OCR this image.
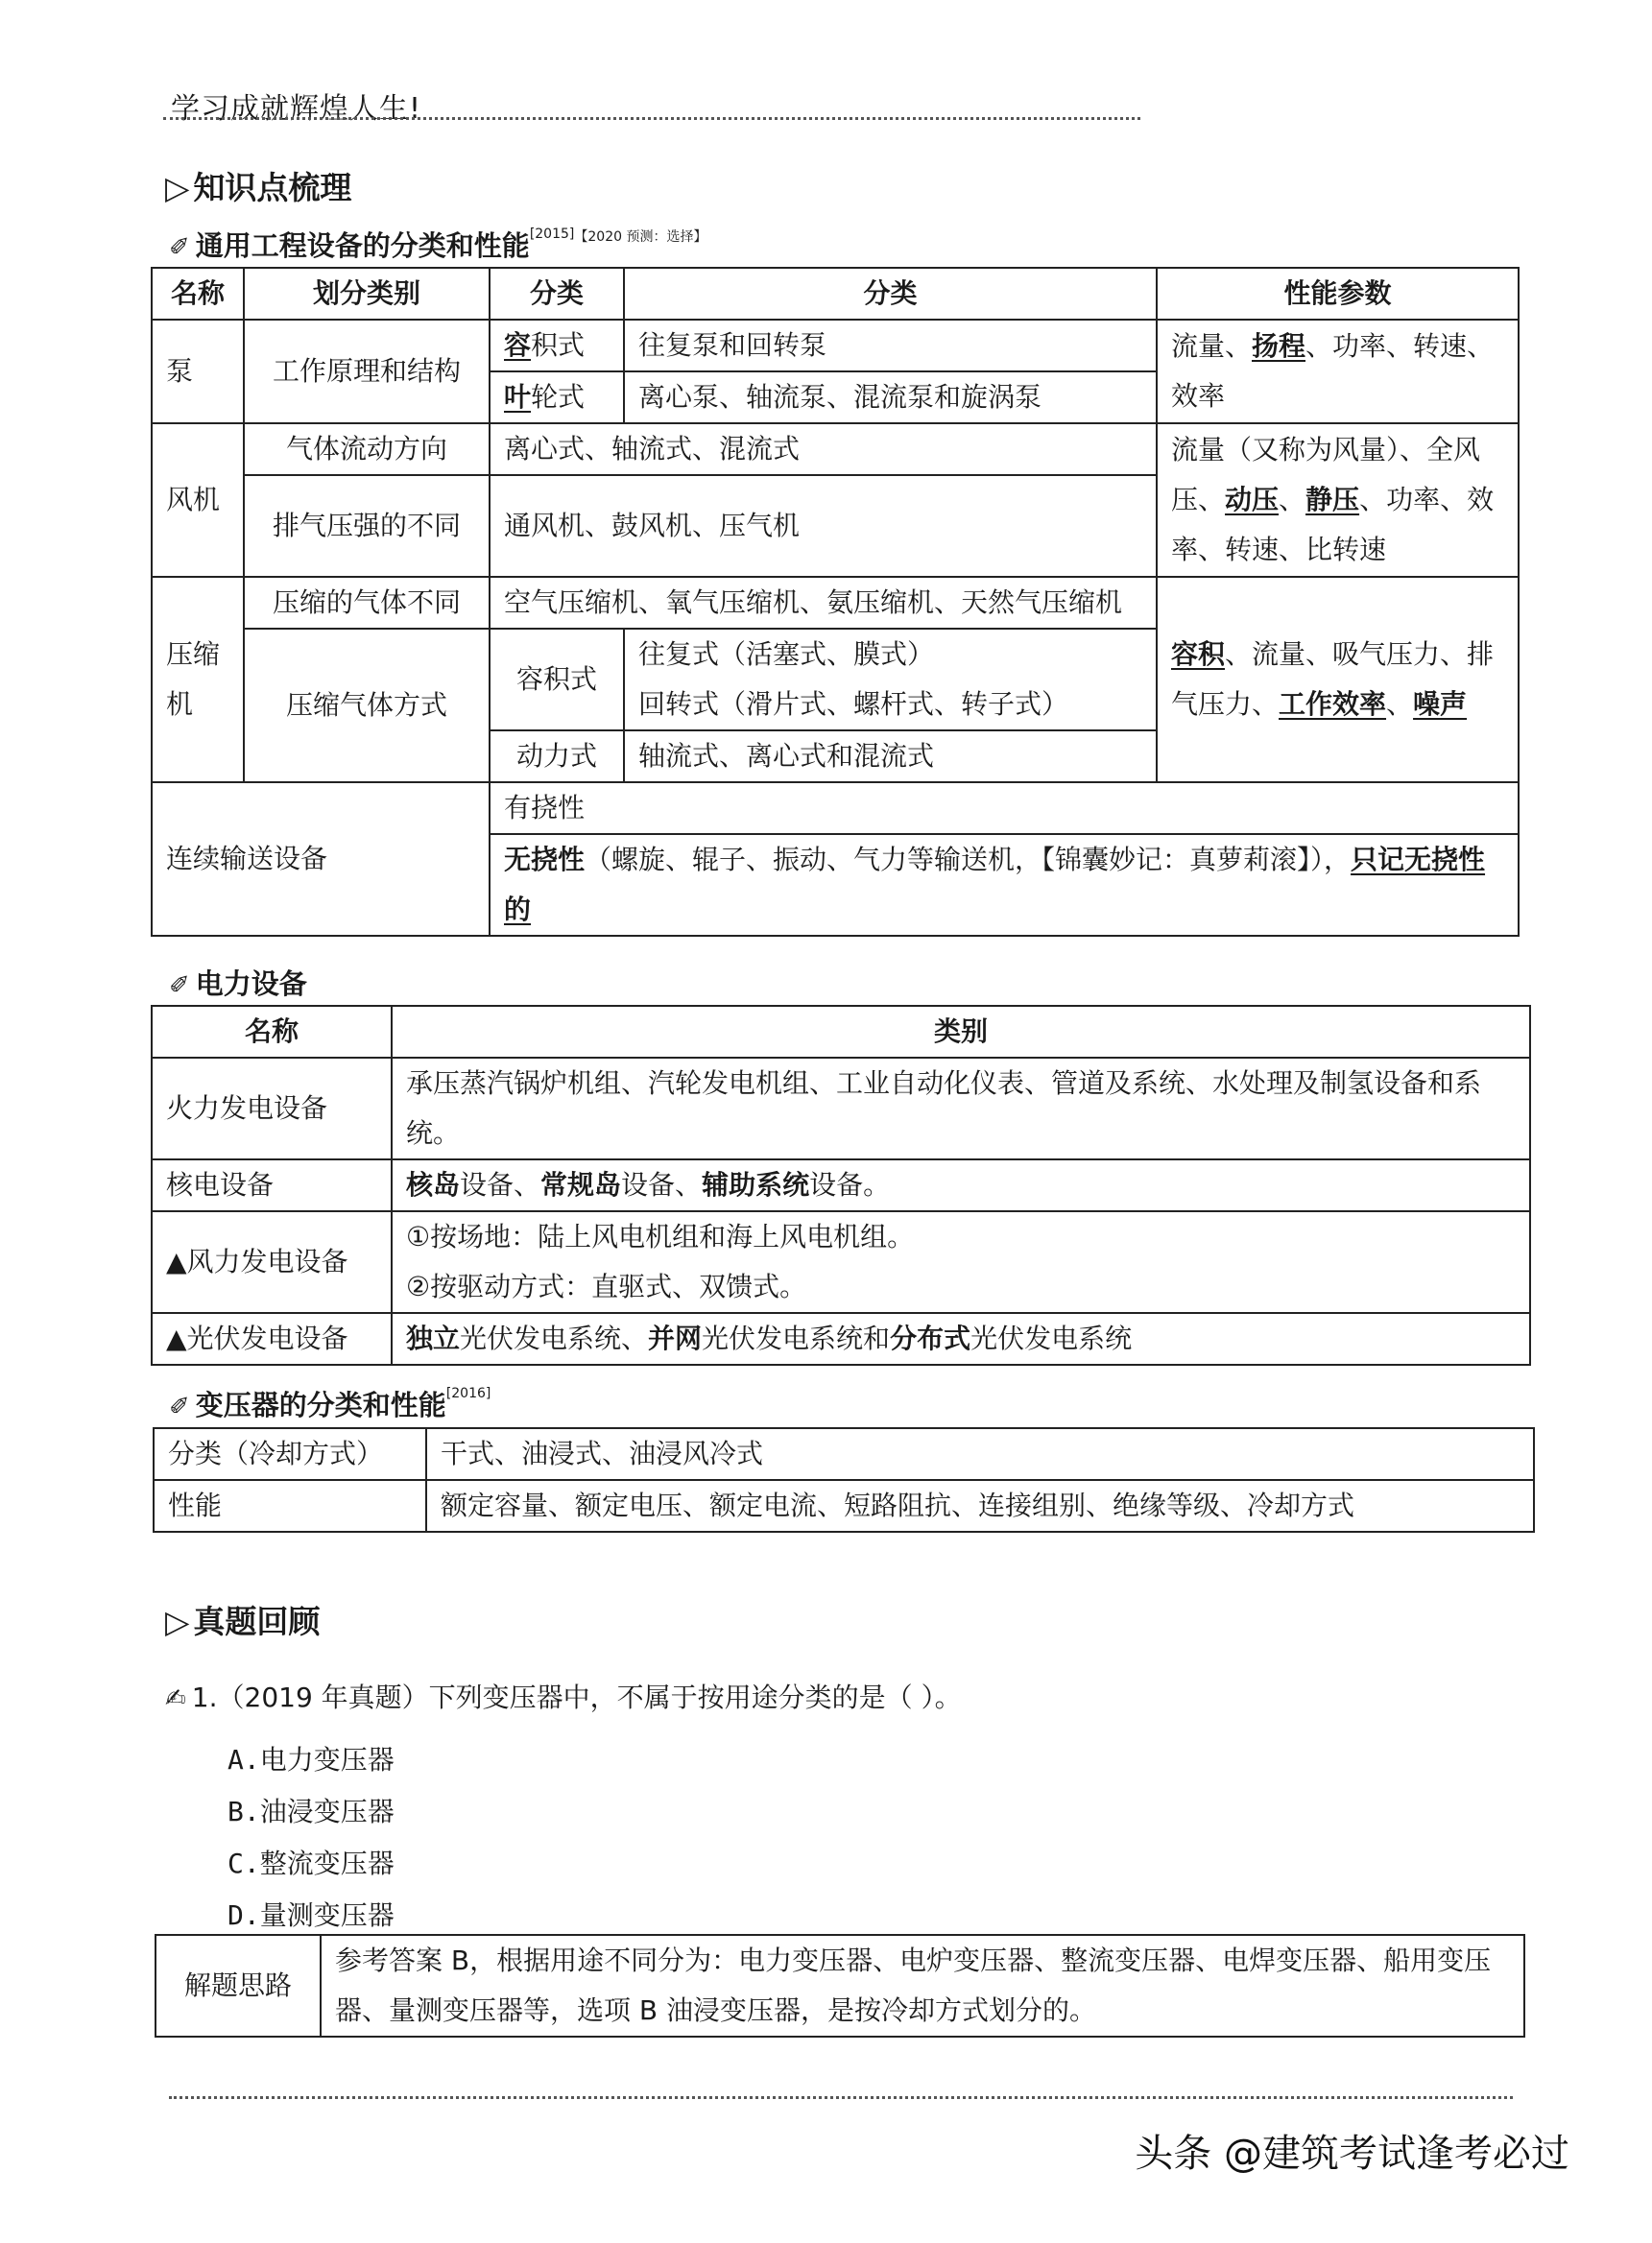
学习成就辉煌人生!
▷ 知识点梳理
✐ 通用工程设备的分类和性能$^{[2015]【2020 预测:选择】}$
名称	划分类别	分类	分类	性能参数
泵	工作原理和结构	容积式	往复泵和回转泵	流量、扬程、功率、转速、效率
		叶轮式	离心泵、轴流泵、混流泵和旋涡泵	
风机	气体流动方向	离心式、轴流式、混流式		流量（又称为风量）、全风压、动压、静压、功率、效率、转速、比转速
	排气压强的不同	通风机、鼓风机、压气机		
压缩机	压缩的气体不同	空气压缩机、氧气压缩机、氨压缩机、天然气压缩机		容积、流量、吸气压力、排气压力、工作效率、噪声
	压缩气体方式	容积式	往复式（活塞式、膜式）
回转式（滑片式、螺杆式、转子式）	

		动力式	轴流式、离心式和混流式	
连续输送设备		有挠性		
		无挠性（螺旋、辊子、振动、气力等输送机，【锦囊妙记：真萝莉滚】），只记无挠性的		
✐ 电力设备
名称	类别
火力发电设备	承压蒸汽锅炉机组、汽轮发电机组、工业自动化仪表、管道及系统、水处理及制氢设备和系统。
核电设备	核岛设备、常规岛设备、辅助系统设备。
▲风力发电设备	①按场地：陆上风电机组和海上风电机组。
②按驱动方式：直驱式、双馈式。

▲光伏发电设备	独立光伏发电系统、并网光伏发电系统和分布式光伏发电系统
✐ 变压器的分类和性能[2016]
分类（冷却方式）	干式、油浸式、油浸风冷式
性能	额定容量、额定电压、额定电流、短路阻抗、连接组别、绝缘等级、冷却方式
▷ 真题回顾
✍ 1.（2019 年真题）下列变压器中，不属于按用途分类的是（ ）。
A.电力变压器
B.油浸变压器
C.整流变压器
D.量测变压器
解题思路	参考答案 B，根据用途不同分为：电力变压器、电炉变压器、整流变压器、电焊变压器、船用变压器、量测变压器等，选项 B 油浸变压器，是按冷却方式划分的。
头条 @建筑考试逢考必过
